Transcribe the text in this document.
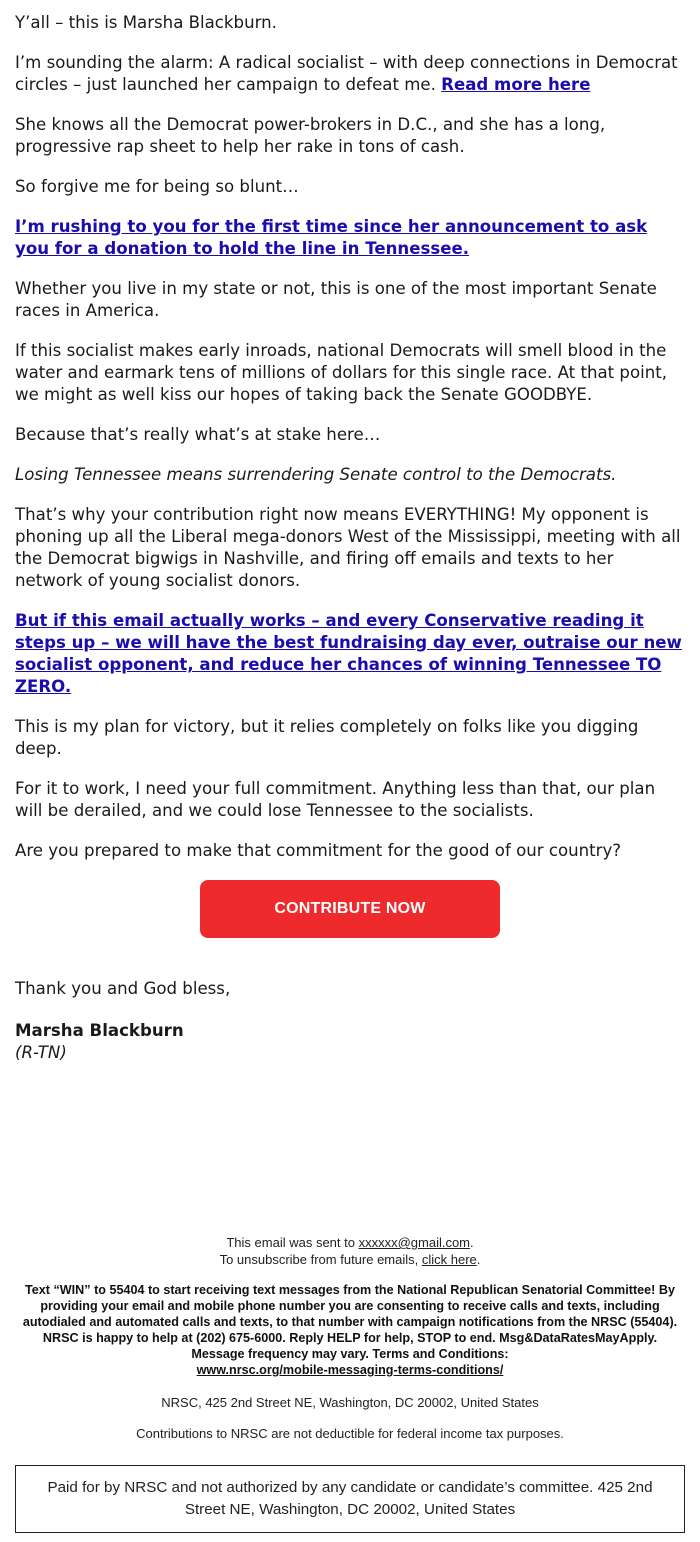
Y’all – this is Marsha Blackburn.

I’m sounding the alarm: A radical socialist – with deep connections in Democrat circles – just launched her campaign to defeat me. Read more here

She knows all the Democrat power-brokers in D.C., and she has a long, progressive rap sheet to help her rake in tons of cash.

So forgive me for being so blunt…

I’m rushing to you for the first time since her announcement to ask you for a donation to hold the line in Tennessee.

Whether you live in my state or not, this is one of the most important Senate races in America.

If this socialist makes early inroads, national Democrats will smell blood in the water and earmark tens of millions of dollars for this single race. At that point, we might as well kiss our hopes of taking back the Senate GOODBYE.

Because that’s really what’s at stake here…

Losing Tennessee means surrendering Senate control to the Democrats.

That’s why your contribution right now means EVERYTHING! My opponent is phoning up all the Liberal mega-donors West of the Mississippi, meeting with all the Democrat bigwigs in Nashville, and firing off emails and texts to her network of young socialist donors.

But if this email actually works – and every Conservative reading it steps up – we will have the best fundraising day ever, outraise our new socialist opponent, and reduce her chances of winning Tennessee TO ZERO.

This is my plan for victory, but it relies completely on folks like you digging deep.

For it to work, I need your full commitment. Anything less than that, our plan will be derailed, and we could lose Tennessee to the socialists.

Are you prepared to make that commitment for the good of our country?

CONTRIBUTE NOW

Thank you and God bless,

Marsha Blackburn

(R-TN)

This email was sent to xxxxxx@gmail.com.

To unsubscribe from future emails, click here.

Text “WIN” to 55404 to start receiving text messages from the National Republican Senatorial Committee! By providing your email and mobile phone number you are consenting to receive calls and texts, including autodialed and automated calls and texts, to that number with campaign notifications from the NRSC (55404). NRSC is happy to help at (202) 675-6000. Reply HELP for help, STOP to end. Msg&DataRatesMayApply. Message frequency may vary. Terms and Conditions:
www.nrsc.org/mobile-messaging-terms-conditions/

NRSC, 425 2nd Street NE, Washington, DC 20002, United States

Contributions to NRSC are not deductible for federal income tax purposes.

Paid for by NRSC and not authorized by any candidate or candidate’s committee. 425 2nd Street NE, Washington, DC 20002, United States
